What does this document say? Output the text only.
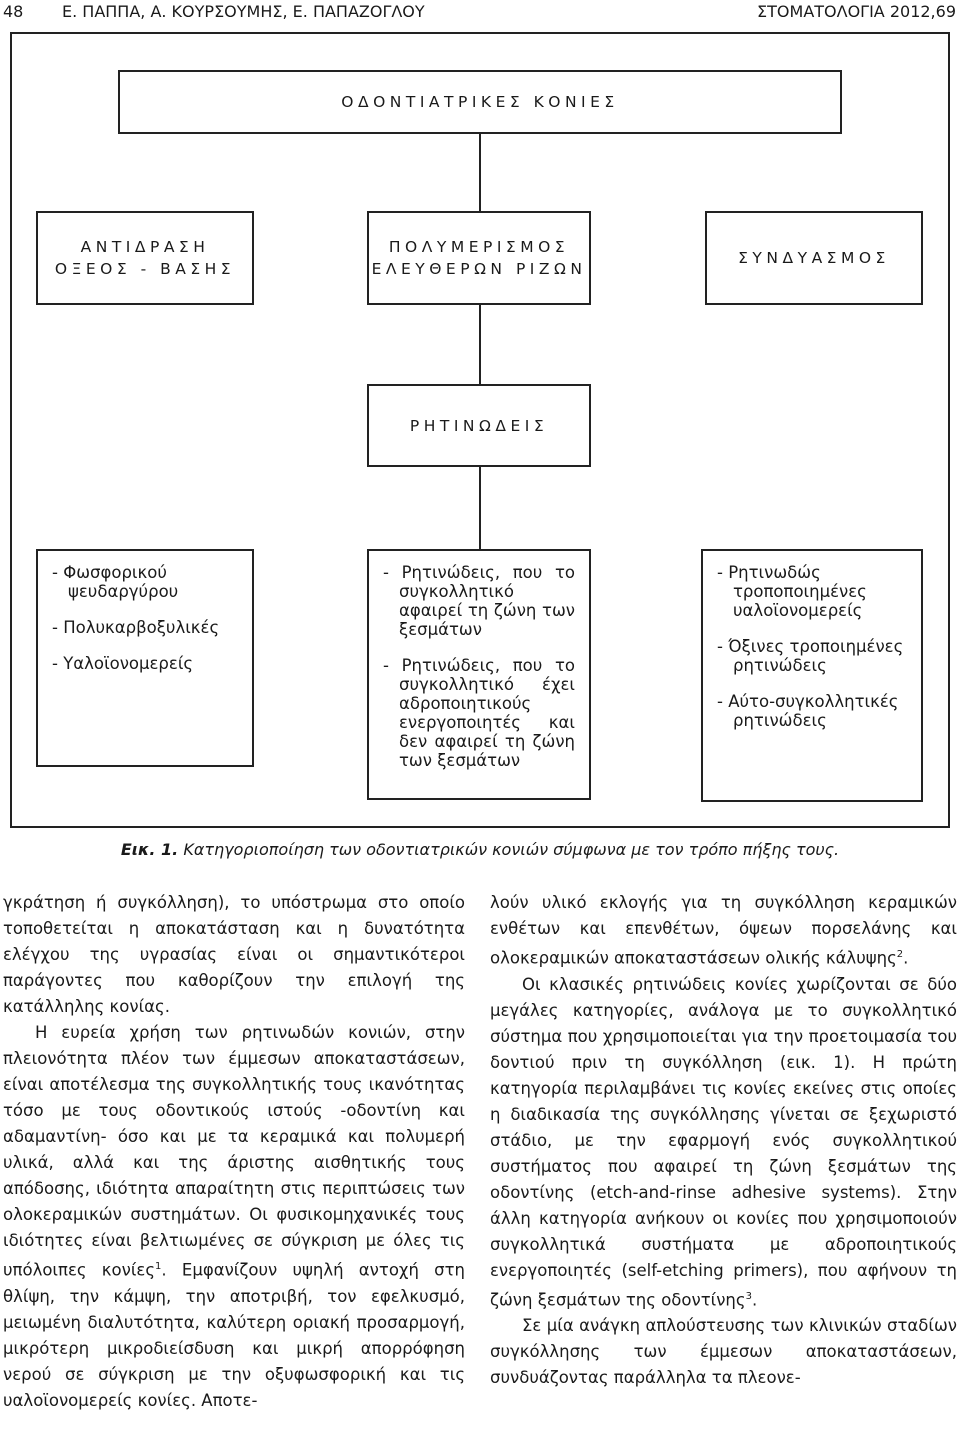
48 Ε. ΠΑΠΠΑ, Α. ΚΟΥΡΣΟΥΜΗΣ, Ε. ΠΑΠΑΖΟΓΛΟΥ	ΣΤΟΜΑΤΟΛΟΓΙΑ 2012,69
ΟΔΟΝΤΙΑΤΡΙΚΕΣ ΚΟΝΙΕΣ
ΑΝΤΙΔΡΑΣΗ
ΟΞΕΟΣ - ΒΑΣΗΣ
ΠΟΛΥΜΕΡΙΣΜΟΣ
ΕΛΕΥΘΕΡΩΝ ΡΙΖΩΝ
ΣΥΝΔΥΑΣΜΟΣ
ΡΗΤΙΝΩΔΕΙΣ
- Φωσφορικού ψευδαργύρου
- Πολυκαρβοξυλικές
- Υαλοϊονομερείς
- Ρητινώδεις, που το συγκολλητικό αφαιρεί τη ζώνη των ξεσμάτων
- Ρητινώδεις, που το συγκολλητικό έχει αδροποιητικούς ενεργοποιητές και δεν αφαιρεί τη ζώνη των ξεσμάτων
- Ρητινωδώς τροποποιημένες υαλοϊονομερείς
- Όξινες τροποιημένες ρητινώδεις
- Αύτο-συγκολλητικές ρητινώδεις
Εικ. 1. Κατηγοριοποίηση των οδοντιατρικών κονιών σύμφωνα με τον τρόπο πήξης τους.

γκράτηση ή συγκόλληση), το υπόστρωμα στο οποίο τοποθετείται η αποκατάσταση και η δυνατότητα ελέγχου της υγρασίας είναι οι σημαντικότεροι παράγοντες που καθορίζουν την επιλογή της κατάλληλης κονίας.

Η ευρεία χρήση των ρητινωδών κονιών, στην πλειονότητα πλέον των έμμεσων αποκαταστάσεων, είναι αποτέλεσμα της συγκολλητικής τους ικανότητας τόσο με τους οδοντικούς ιστούς -οδοντίνη και αδαμαντίνη- όσο και με τα κεραμικά και πολυμερή υλικά, αλλά και της άριστης αισθητικής τους απόδοσης, ιδιότητα απαραίτητη στις περιπτώσεις των ολοκεραμικών συστημάτων. Οι φυσικομηχανικές τους ιδιότητες είναι βελτιωμένες σε σύγκριση με όλες τις υπόλοιπες κονίες$^1$. Εμφανίζουν υψηλή αντοχή στη θλίψη, την κάμψη, την αποτριβή, τον εφελκυσμό, μειωμένη διαλυτότητα, καλύτερη οριακή προσαρμογή, μικρότερη μικροδιείσδυση και μικρή απορρόφηση νερού σε σύγκριση με την οξυφωσφορική και τις υαλοϊονομερείς κονίες. Αποτε-

λούν υλικό εκλογής για τη συγκόλληση κεραμικών ενθέτων και επενθέτων, όψεων πορσελάνης και ολοκεραμικών αποκαταστάσεων ολικής κάλυψης$^2$.

Οι κλασικές ρητινώδεις κονίες χωρίζονται σε δύο μεγάλες κατηγορίες, ανάλογα με το συγκολλητικό σύστημα που χρησιμοποιείται για την προετοιμασία του δοντιού πριν τη συγκόλληση (εικ. 1). Η πρώτη κατηγορία περιλαμβάνει τις κονίες εκείνες στις οποίες η διαδικασία της συγκόλλησης γίνεται σε ξεχωριστό στάδιο, με την εφαρμογή ενός συγκολλητικού συστήματος που αφαιρεί τη ζώνη ξεσμάτων της οδοντίνης (etch-and-rinse adhesive systems). Στην άλλη κατηγορία ανήκουν οι κονίες που χρησιμοποιούν συγκολλητικά συστήματα με αδροποιητικούς ενεργοποιητές (self-etching primers), που αφήνουν τη ζώνη ξεσμάτων της οδοντίνης$^3$.

Σε μία ανάγκη απλούστευσης των κλινικών σταδίων συγκόλλησης των έμμεσων αποκαταστάσεων, συνδυάζοντας παράλληλα τα πλεονε-
